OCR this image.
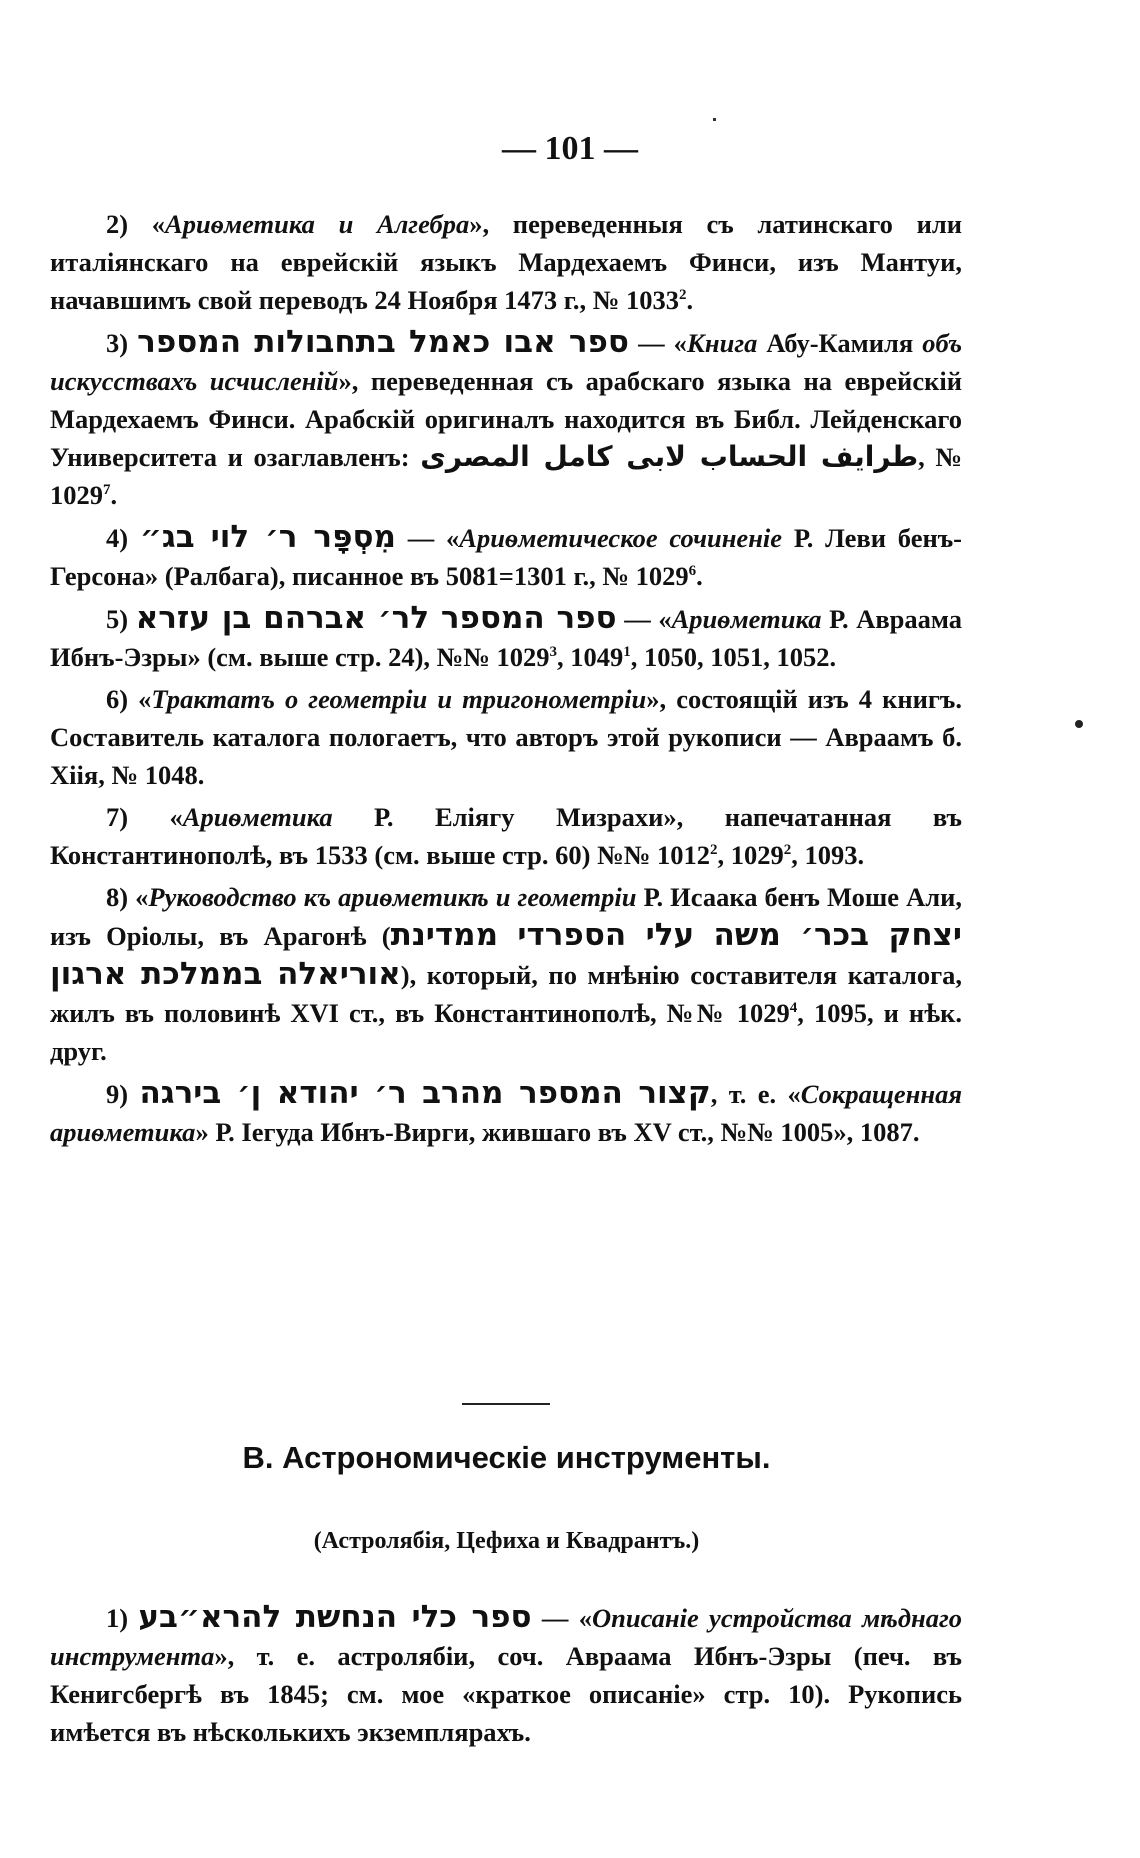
— 101 —

2) «Ариѳметика и Алгебра», переведенныя съ латинскаго или италіянскаго на еврейскій языкъ Мардехаемъ Финси, изъ Мантуи, начавшимъ свой переводъ 24 Ноября 1473 г., № 1033$^2$.

3) ספר אבו כאמל בתחבולות המספר — «Книга Абу-Камиля объ искусствахъ исчисленій», переведенная съ арабскаго языка на еврейскій Мардехаемъ Финси. Арабскій оригиналъ находится въ Библ. Лейденскаго Университета и озаглавленъ: طرايف الحساب لابى كامل المصرى, № 1029$^7$.

4) מִסְפָּר ר׳ לוי בג״ — «Ариѳметическое сочиненіе Р. Леви бенъ-Герсона» (Ралбага), писанное въ 5081=1301 г., № 1029$^6$.

5) ספר המספר לר׳ אברהם בן עזרא — «Ариѳметика Р. Авраама Ибнъ-Эзры» (см. выше стр. 24), №№ 1029$^3$, 1049$^1$, 1050, 1051, 1052.

6) «Трактатъ о геометріи и тригонометріи», состоящій изъ 4 книгъ. Составитель каталога пологаетъ, что авторъ этой рукописи — Авраамъ б. Хіія, № 1048.

7) «Ариѳметика Р. Еліягу Мизрахи», напечатанная въ Константинополѣ, въ 1533 (см. выше стр. 60) №№ 1012$^2$, 1029$^2$, 1093.

8) «Руководство къ ариѳметикѣ и геометріи Р. Исаака бенъ Моше Али, изъ Оріолы, въ Арагонѣ (יצחק בכר׳ משה עלי הספרדי ממדינת אוריאלה בממלכת ארגון), который, по мнѣнію составителя каталога, жилъ въ половинѣ XVI ст., въ Константинополѣ, №№ 1029$^4$, 1095, и нѣк. друг.

9) קצור המספר מהרב ר׳ יהודא ן׳ בירגה, т. е. «Сокращенная ариѳметика» Р. Іегуда Ибнъ-Вирги, жившаго въ XV ст., №№ 1005», 1087.

B. Астрономическіе инструменты.
(Астролябія, Цефиха и Квадрантъ.)

1) ספר כלי הנחשת להרא״בע — «Описаніе устройства мѣднаго инструмента», т. е. астролябіи, соч. Авраама Ибнъ-Эзры (печ. въ Кенигсбергѣ въ 1845; см. мое «краткое описаніе» стр. 10). Рукопись имѣется въ нѣсколькихъ экземплярахъ.
